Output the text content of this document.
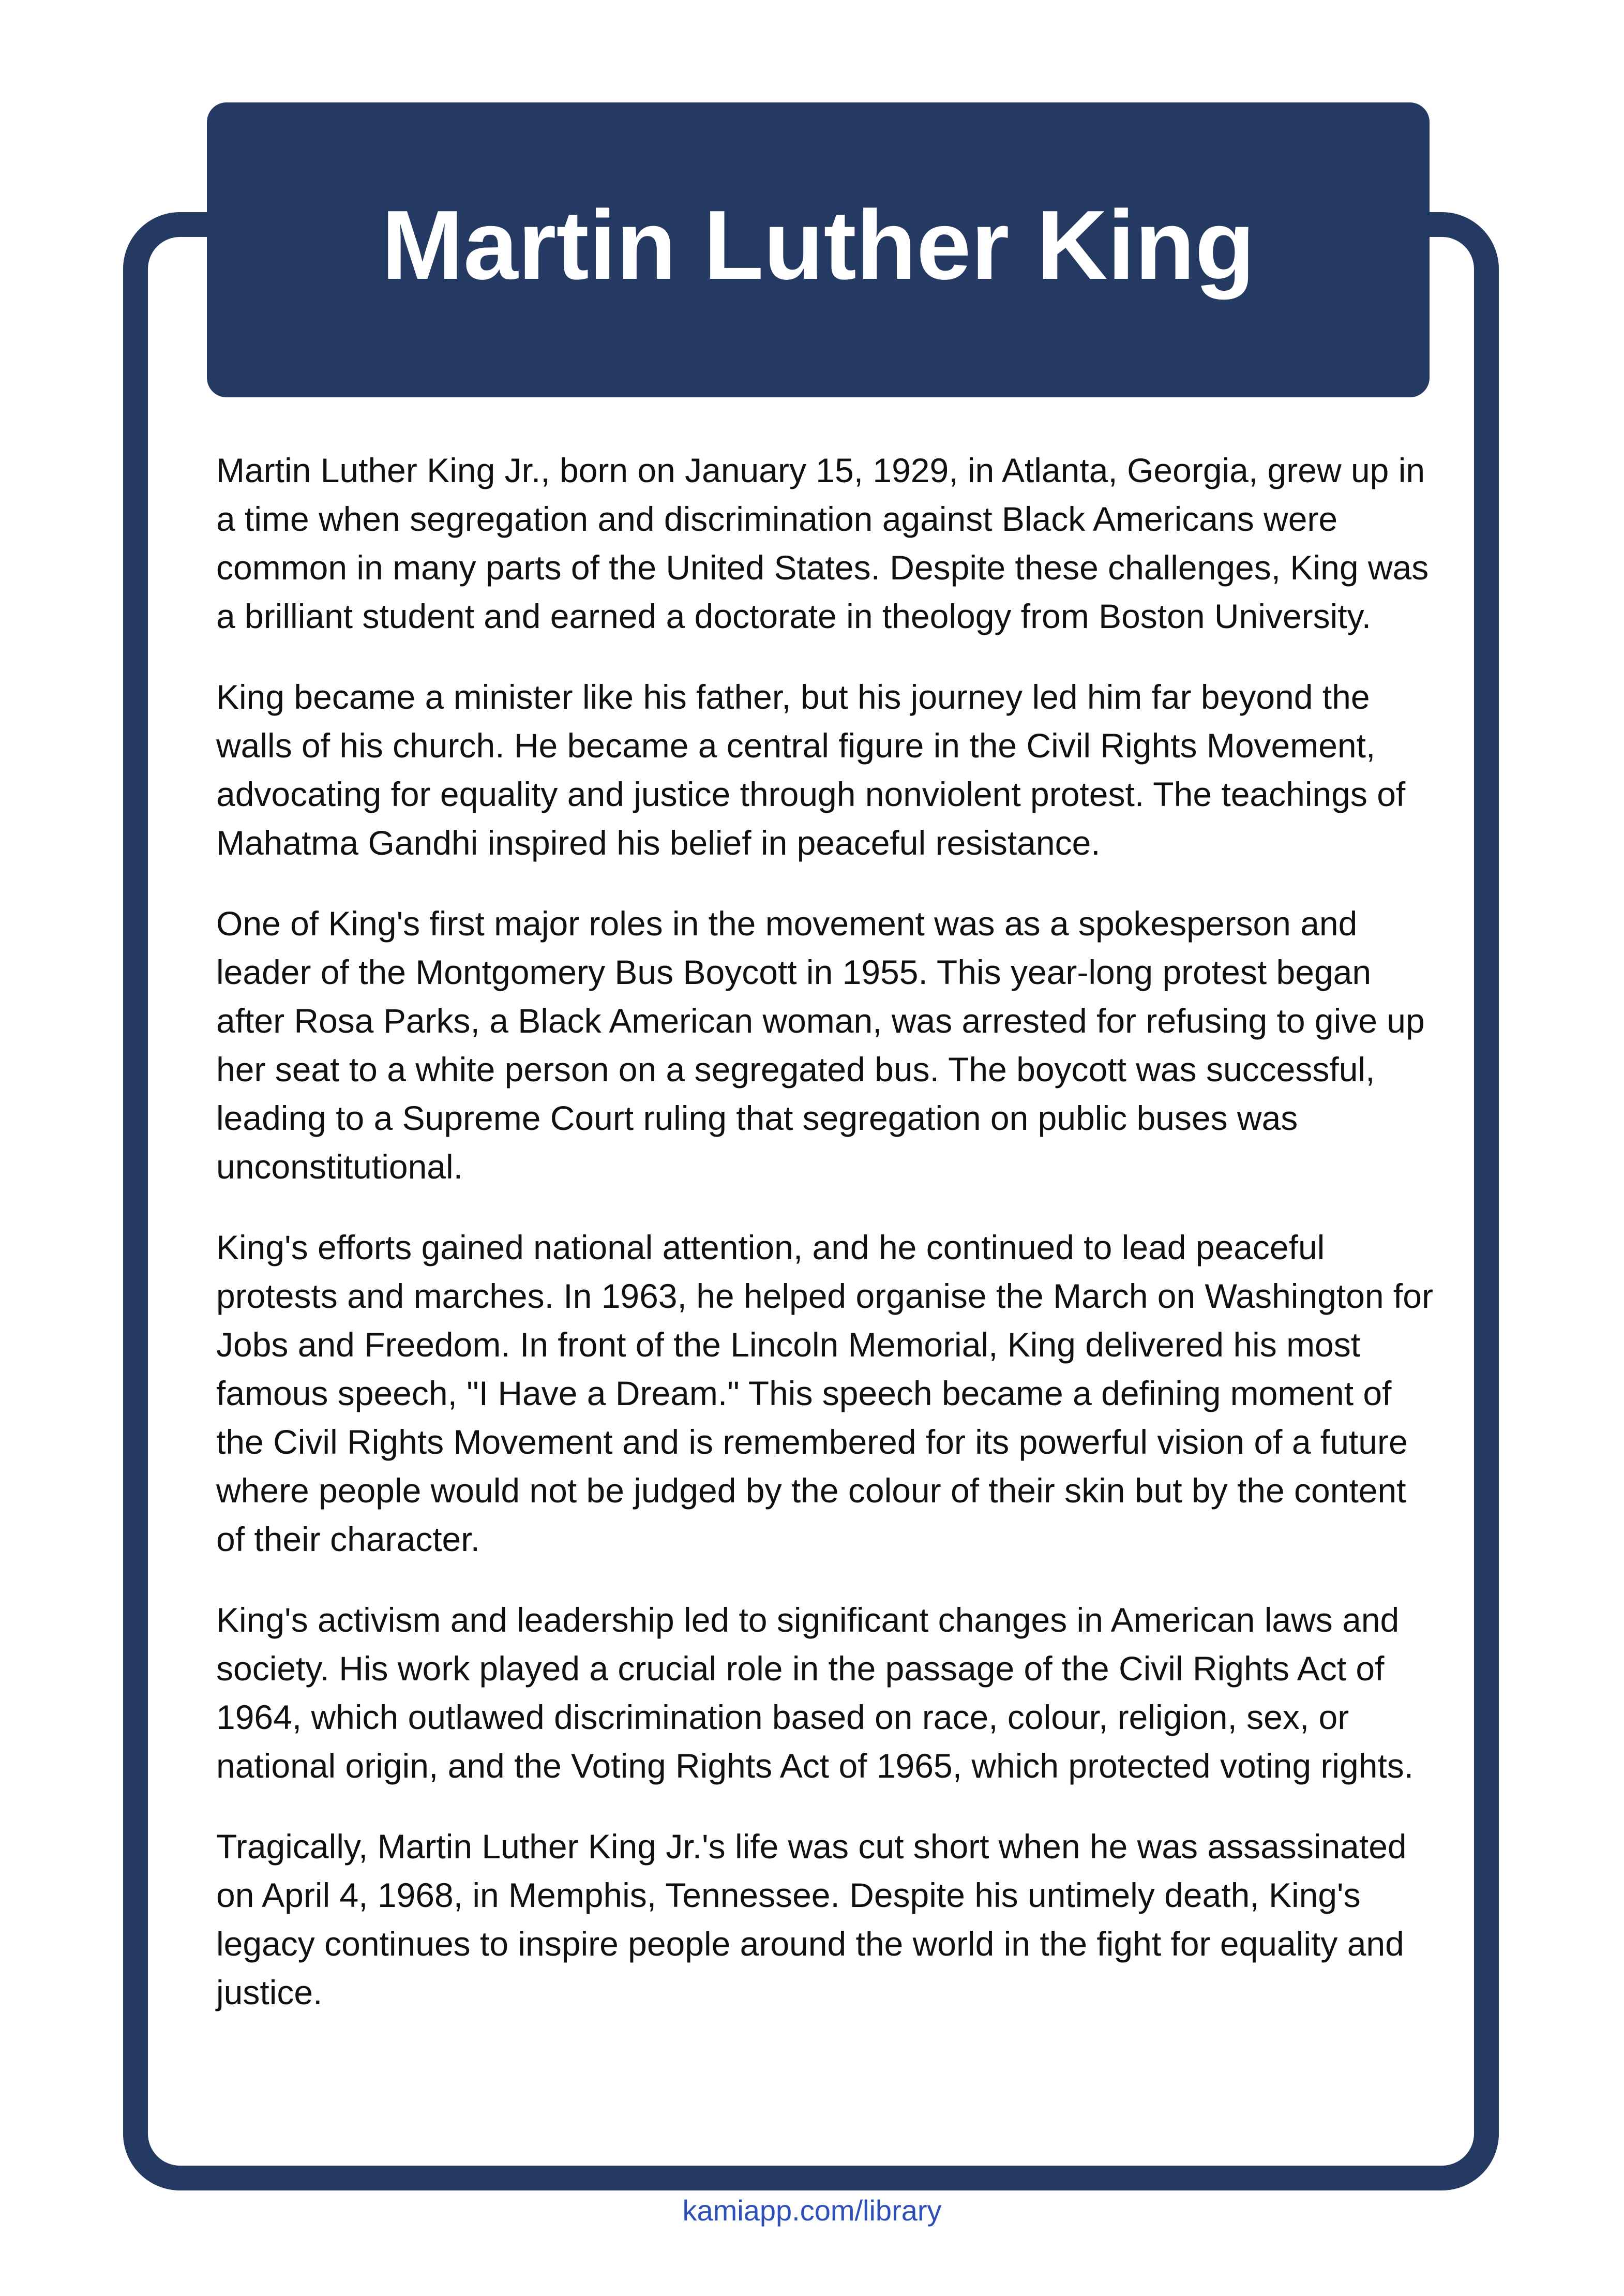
Martin Luther King

Martin Luther King Jr., born on January 15, 1929, in Atlanta, Georgia, grew up in a time when segregation and discrimination against Black Americans were common in many parts of the United States. Despite these challenges, King was a brilliant student and earned a doctorate in theology from Boston University.

King became a minister like his father, but his journey led him far beyond the walls of his church. He became a central figure in the Civil Rights Movement, advocating for equality and justice through nonviolent protest. The teachings of Mahatma Gandhi inspired his belief in peaceful resistance.

One of King's first major roles in the movement was as a spokesperson and leader of the Montgomery Bus Boycott in 1955. This year-long protest began after Rosa Parks, a Black American woman, was arrested for refusing to give up her seat to a white person on a segregated bus. The boycott was successful, leading to a Supreme Court ruling that segregation on public buses was unconstitutional.

King's efforts gained national attention, and he continued to lead peaceful protests and marches. In 1963, he helped organise the March on Washington for Jobs and Freedom. In front of the Lincoln Memorial, King delivered his most famous speech, "I Have a Dream." This speech became a defining moment of the Civil Rights Movement and is remembered for its powerful vision of a future where people would not be judged by the colour of their skin but by the content of their character.

King's activism and leadership led to significant changes in American laws and society. His work played a crucial role in the passage of the Civil Rights Act of 1964, which outlawed discrimination based on race, colour, religion, sex, or national origin, and the Voting Rights Act of 1965, which protected voting rights.

Tragically, Martin Luther King Jr.'s life was cut short when he was assassinated on April 4, 1968, in Memphis, Tennessee. Despite his untimely death, King's legacy continues to inspire people around the world in the fight for equality and justice.

kamiapp.com/library
